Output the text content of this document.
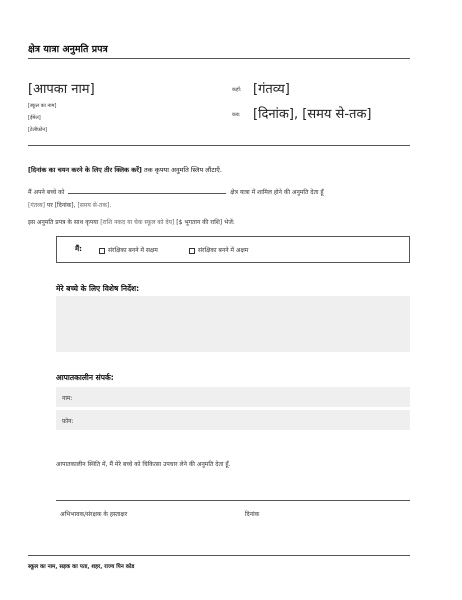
क्षेत्र यात्रा अनुमति प्रपत्र
[आपका नाम]
[स्कूल का नाम]
[ईमेल]
[टेलीफ़ोन]
कहाँ: [गंतव्य]
कब: [दिनांक], [समय से-तक]
[दिनांक का चयन करने के लिए तीर क्लिक करें] तक कृपया अनुमति स्लिप लौटाएँ.
मैं अपने बच्चे को	क्षेत्र यात्रा में शामिल होने की अनुमति देता हूँ
[गंतव्य] पर [दिनांक], [समय से-तक].
इस अनुमति प्रपत्र के साथ कृपया [राशि नकद या चेक स्कूल को देय] [$ भुगतान की राशि] भेजें:
मैं:	संरक्षिका बनने में सक्षम	संरक्षिका बनने में अक्षम
मेरे बच्चे के लिए विशेष निर्देश:
आपातकालीन संपर्क:
नाम:
फ़ोन:
आपातकालीन स्थिति में, मैं मेरे बच्चे को चिकित्सा उपचार लेने की अनुमति देता हूँ.
अभिभावक/संरक्षक के हस्ताक्षर	दिनांक
स्कूल का नाम, सड़क का पता, शहर, राज्य पिन कोड
